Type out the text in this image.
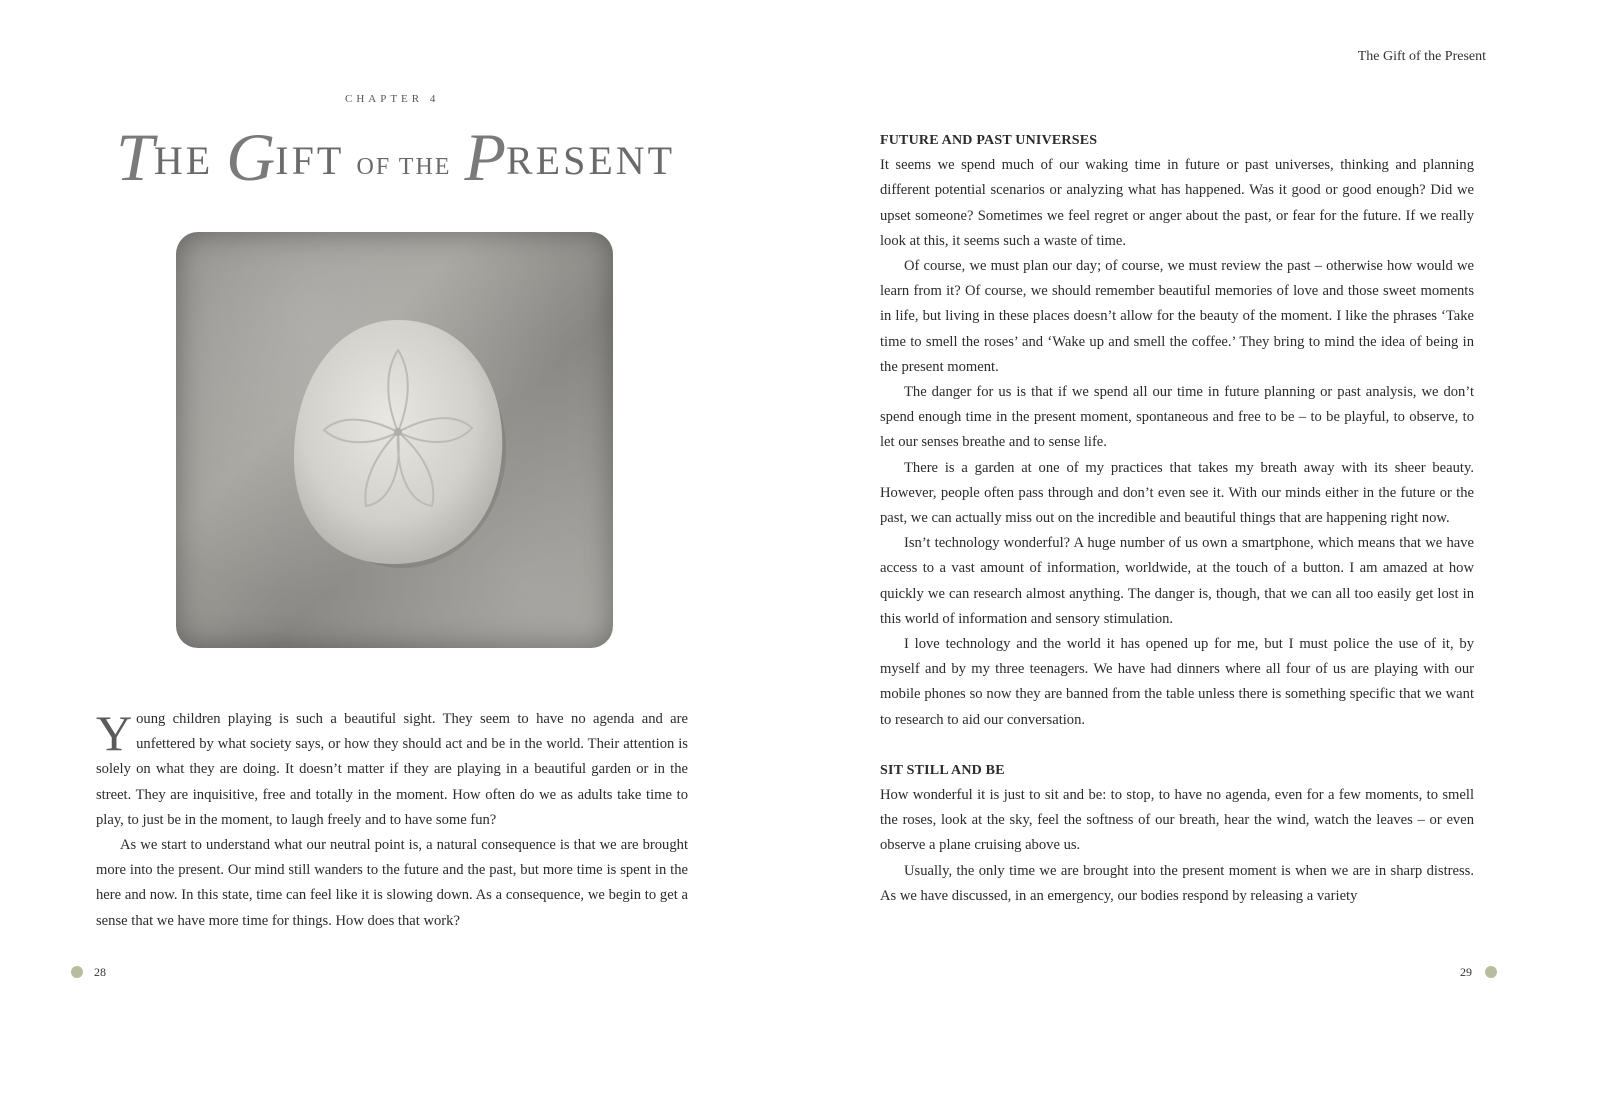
CHAPTER 4
THE GIFT OF THE PRESENT

Young children playing is such a beautiful sight. They seem to have no agenda and are unfettered by what society says, or how they should act and be in the world. Their attention is solely on what they are doing. It doesn’t matter if they are playing in a beautiful garden or in the street. They are inquisitive, free and totally in the moment. How often do we as adults take time to play, to just be in the moment, to laugh freely and to have some fun?

As we start to understand what our neutral point is, a natural consequence is that we are brought more into the present. Our mind still wanders to the future and the past, but more time is spent in the here and now. In this state, time can feel like it is slowing down. As a consequence, we begin to get a sense that we have more time for things. How does that work?

28
The Gift of the Present
FUTURE AND PAST UNIVERSES

It seems we spend much of our waking time in future or past universes, thinking and planning different potential scenarios or analyzing what has happened. Was it good or good enough? Did we upset someone? Sometimes we feel regret or anger about the past, or fear for the future. If we really look at this, it seems such a waste of time.

Of course, we must plan our day; of course, we must review the past – otherwise how would we learn from it? Of course, we should remember beautiful memories of love and those sweet moments in life, but living in these places doesn’t allow for the beauty of the moment. I like the phrases ‘Take time to smell the roses’ and ‘Wake up and smell the coffee.’ They bring to mind the idea of being in the present moment.

The danger for us is that if we spend all our time in future planning or past analysis, we don’t spend enough time in the present moment, spontaneous and free to be – to be playful, to observe, to let our senses breathe and to sense life.

There is a garden at one of my practices that takes my breath away with its sheer beauty. However, people often pass through and don’t even see it. With our minds either in the future or the past, we can actually miss out on the incredible and beautiful things that are happening right now.

Isn’t technology wonderful? A huge number of us own a smartphone, which means that we have access to a vast amount of information, worldwide, at the touch of a button. I am amazed at how quickly we can research almost anything. The danger is, though, that we can all too easily get lost in this world of information and sensory stimulation.

I love technology and the world it has opened up for me, but I must police the use of it, by myself and by my three teenagers. We have had dinners where all four of us are playing with our mobile phones so now they are banned from the table unless there is something specific that we want to research to aid our conversation.

SIT STILL AND BE

How wonderful it is just to sit and be: to stop, to have no agenda, even for a few moments, to smell the roses, look at the sky, feel the softness of our breath, hear the wind, watch the leaves – or even observe a plane cruising above us.

Usually, the only time we are brought into the present moment is when we are in sharp distress. As we have discussed, in an emergency, our bodies respond by releasing a variety

29
